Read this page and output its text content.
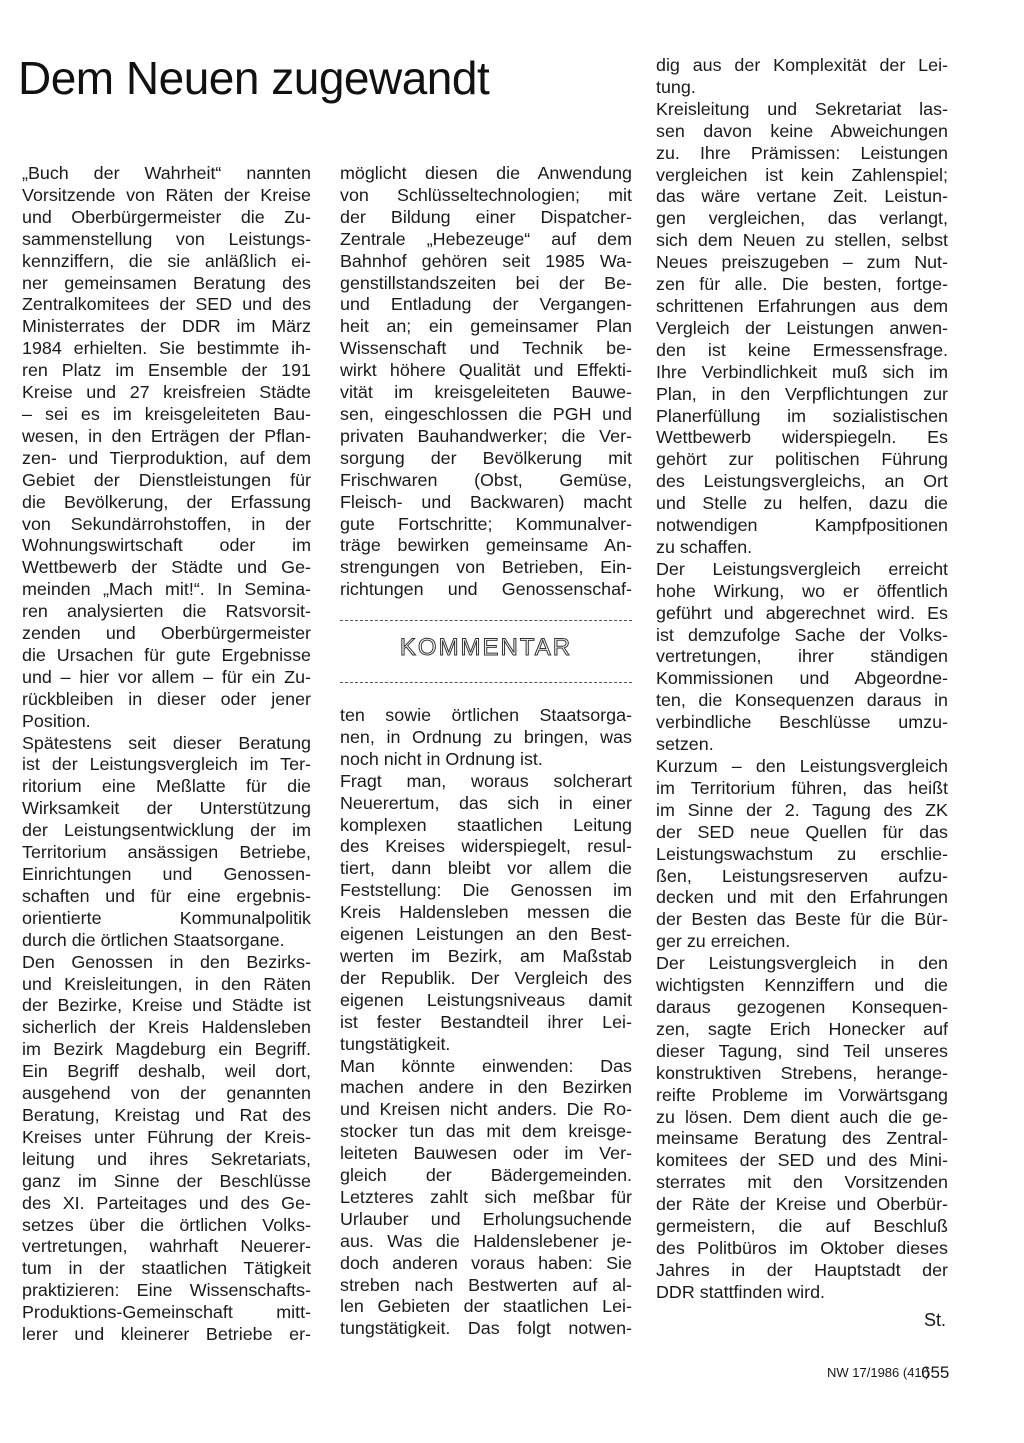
Dem Neuen zugewandt
„Buch der Wahrheit“ nannten
Vorsitzende von Räten der Kreise
und Oberbürgermeister die Zu-
sammenstellung von Leistungs-
kennziffern, die sie anläßlich ei-
ner gemeinsamen Beratung des
Zentralkomitees der SED und des
Ministerrates der DDR im März
1984 erhielten. Sie bestimmte ih-
ren Platz im Ensemble der 191
Kreise und 27 kreisfreien Städte
– sei es im kreisgeleiteten Bau-
wesen, in den Erträgen der Pflan-
zen- und Tierproduktion, auf dem
Gebiet der Dienstleistungen für
die Bevölkerung, der Erfassung
von Sekundärrohstoffen, in der
Wohnungswirtschaft oder im
Wettbewerb der Städte und Ge-
meinden „Mach mit!“. In Semina-
ren analysierten die Ratsvorsit-
zenden und Oberbürgermeister
die Ursachen für gute Ergebnisse
und – hier vor allem – für ein Zu-
rückbleiben in dieser oder jener
Position.
Spätestens seit dieser Beratung
ist der Leistungsvergleich im Ter-
ritorium eine Meßlatte für die
Wirksamkeit der Unterstützung
der Leistungsentwicklung der im
Territorium ansässigen Betriebe,
Einrichtungen und Genossen-
schaften und für eine ergebnis-
orientierte Kommunalpolitik
durch die örtlichen Staatsorgane.
Den Genossen in den Bezirks-
und Kreisleitungen, in den Räten
der Bezirke, Kreise und Städte ist
sicherlich der Kreis Haldensleben
im Bezirk Magdeburg ein Begriff.
Ein Begriff deshalb, weil dort,
ausgehend von der genannten
Beratung, Kreistag und Rat des
Kreises unter Führung der Kreis-
leitung und ihres Sekretariats,
ganz im Sinne der Beschlüsse
des XI. Parteitages und des Ge-
setzes über die örtlichen Volks-
vertretungen, wahrhaft Neuerer-
tum in der staatlichen Tätigkeit
praktizieren: Eine Wissenschafts-
Produktions-Gemeinschaft mitt-
lerer und kleinerer Betriebe er-
möglicht diesen die Anwendung
von Schlüsseltechnologien; mit
der Bildung einer Dispatcher-
Zentrale „Hebezeuge“ auf dem
Bahnhof gehören seit 1985 Wa-
genstillstandszeiten bei der Be-
und Entladung der Vergangen-
heit an; ein gemeinsamer Plan
Wissenschaft und Technik be-
wirkt höhere Qualität und Effekti-
vität im kreisgeleiteten Bauwe-
sen, eingeschlossen die PGH und
privaten Bauhandwerker; die Ver-
sorgung der Bevölkerung mit
Frischwaren (Obst, Gemüse,
Fleisch- und Backwaren) macht
gute Fortschritte; Kommunalver-
träge bewirken gemeinsame An-
strengungen von Betrieben, Ein-
richtungen und Genossenschaf-
KOMMENTAR
ten sowie örtlichen Staatsorga-
nen, in Ordnung zu bringen, was
noch nicht in Ordnung ist.
Fragt man, woraus solcherart
Neuerertum, das sich in einer
komplexen staatlichen Leitung
des Kreises widerspiegelt, resul-
tiert, dann bleibt vor allem die
Feststellung: Die Genossen im
Kreis Haldensleben messen die
eigenen Leistungen an den Best-
werten im Bezirk, am Maßstab
der Republik. Der Vergleich des
eigenen Leistungsniveaus damit
ist fester Bestandteil ihrer Lei-
tungstätigkeit.
Man könnte einwenden: Das
machen andere in den Bezirken
und Kreisen nicht anders. Die Ro-
stocker tun das mit dem kreisge-
leiteten Bauwesen oder im Ver-
gleich der Bädergemeinden.
Letzteres zahlt sich meßbar für
Urlauber und Erholungsuchende
aus. Was die Haldenslebener je-
doch anderen voraus haben: Sie
streben nach Bestwerten auf al-
len Gebieten der staatlichen Lei-
tungstätigkeit. Das folgt notwen-
dig aus der Komplexität der Lei-
tung.
Kreisleitung und Sekretariat las-
sen davon keine Abweichungen
zu. Ihre Prämissen: Leistungen
vergleichen ist kein Zahlenspiel;
das wäre vertane Zeit. Leistun-
gen vergleichen, das verlangt,
sich dem Neuen zu stellen, selbst
Neues preiszugeben – zum Nut-
zen für alle. Die besten, fortge-
schrittenen Erfahrungen aus dem
Vergleich der Leistungen anwen-
den ist keine Ermessensfrage.
Ihre Verbindlichkeit muß sich im
Plan, in den Verpflichtungen zur
Planerfüllung im sozialistischen
Wettbewerb widerspiegeln. Es
gehört zur politischen Führung
des Leistungsvergleichs, an Ort
und Stelle zu helfen, dazu die
notwendigen Kampfpositionen
zu schaffen.
Der Leistungsvergleich erreicht
hohe Wirkung, wo er öffentlich
geführt und abgerechnet wird. Es
ist demzufolge Sache der Volks-
vertretungen, ihrer ständigen
Kommissionen und Abgeordne-
ten, die Konsequenzen daraus in
verbindliche Beschlüsse umzu-
setzen.
Kurzum – den Leistungsvergleich
im Territorium führen, das heißt
im Sinne der 2. Tagung des ZK
der SED neue Quellen für das
Leistungswachstum zu erschlie-
ßen, Leistungsreserven aufzu-
decken und mit den Erfahrungen
der Besten das Beste für die Bür-
ger zu erreichen.
Der Leistungsvergleich in den
wichtigsten Kennziffern und die
daraus gezogenen Konsequen-
zen, sagte Erich Honecker auf
dieser Tagung, sind Teil unseres
konstruktiven Strebens, herange-
reifte Probleme im Vorwärtsgang
zu lösen. Dem dient auch die ge-
meinsame Beratung des Zentral-
komitees der SED und des Mini-
sterrates mit den Vorsitzenden
der Räte der Kreise und Oberbür-
germeistern, die auf Beschluß
des Politbüros im Oktober dieses
Jahres in der Hauptstadt der
DDR stattfinden wird.
St.
NW 17/1986 (41.)
655
